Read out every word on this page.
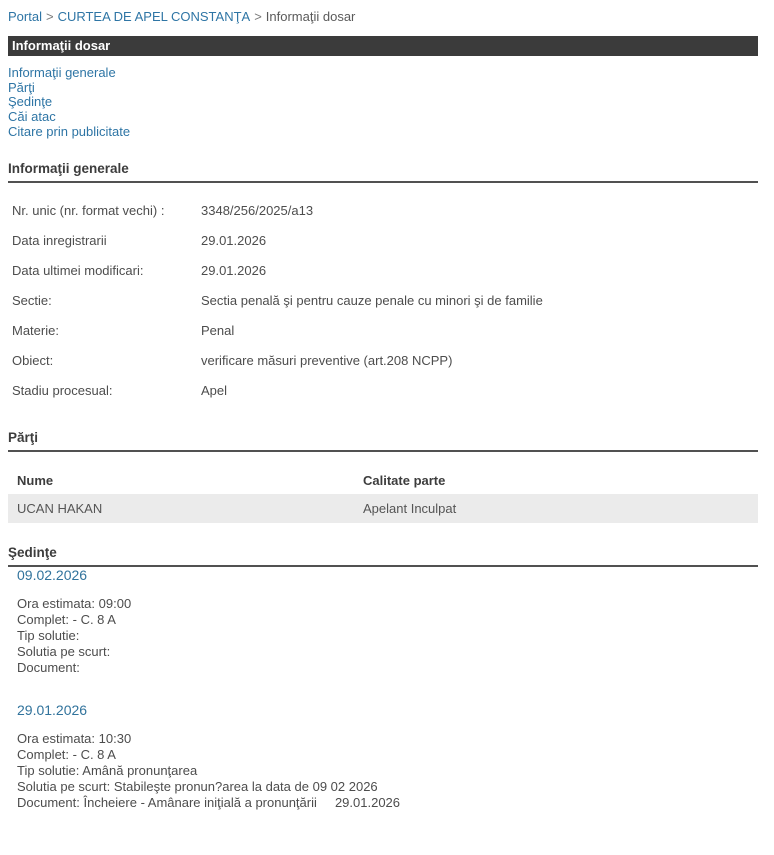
Portal > CURTEA DE APEL CONSTANŢA > Informaţii dosar
Informaţii dosar
Informaţii generale
Părţi
Şedinţe
Căi atac
Citare prin publicitate
Informaţii generale
Nr. unic (nr. format vechi) :	3348/256/2025/a13
Data inregistrarii	29.01.2026
Data ultimei modificari:	29.01.2026
Sectie:	Sectia penală şi pentru cauze penale cu minori şi de familie
Materie:	Penal
Obiect:	verificare măsuri preventive (art.208 NCPP)
Stadiu procesual:	Apel
Părţi
Nume	Calitate parte
UCAN HAKAN	Apelant Inculpat
Şedinţe
09.02.2026
Ora estimata: 09:00
Complet: - C. 8 A
Tip solutie:
Solutia pe scurt:
Document:
29.01.2026
Ora estimata: 10:30
Complet: - C. 8 A
Tip solutie: Amână pronunţarea
Solutia pe scurt: Stabileşte pronun?area la data de 09 02 2026
Document: Încheiere - Amânare iniţială a pronunţării     29.01.2026
